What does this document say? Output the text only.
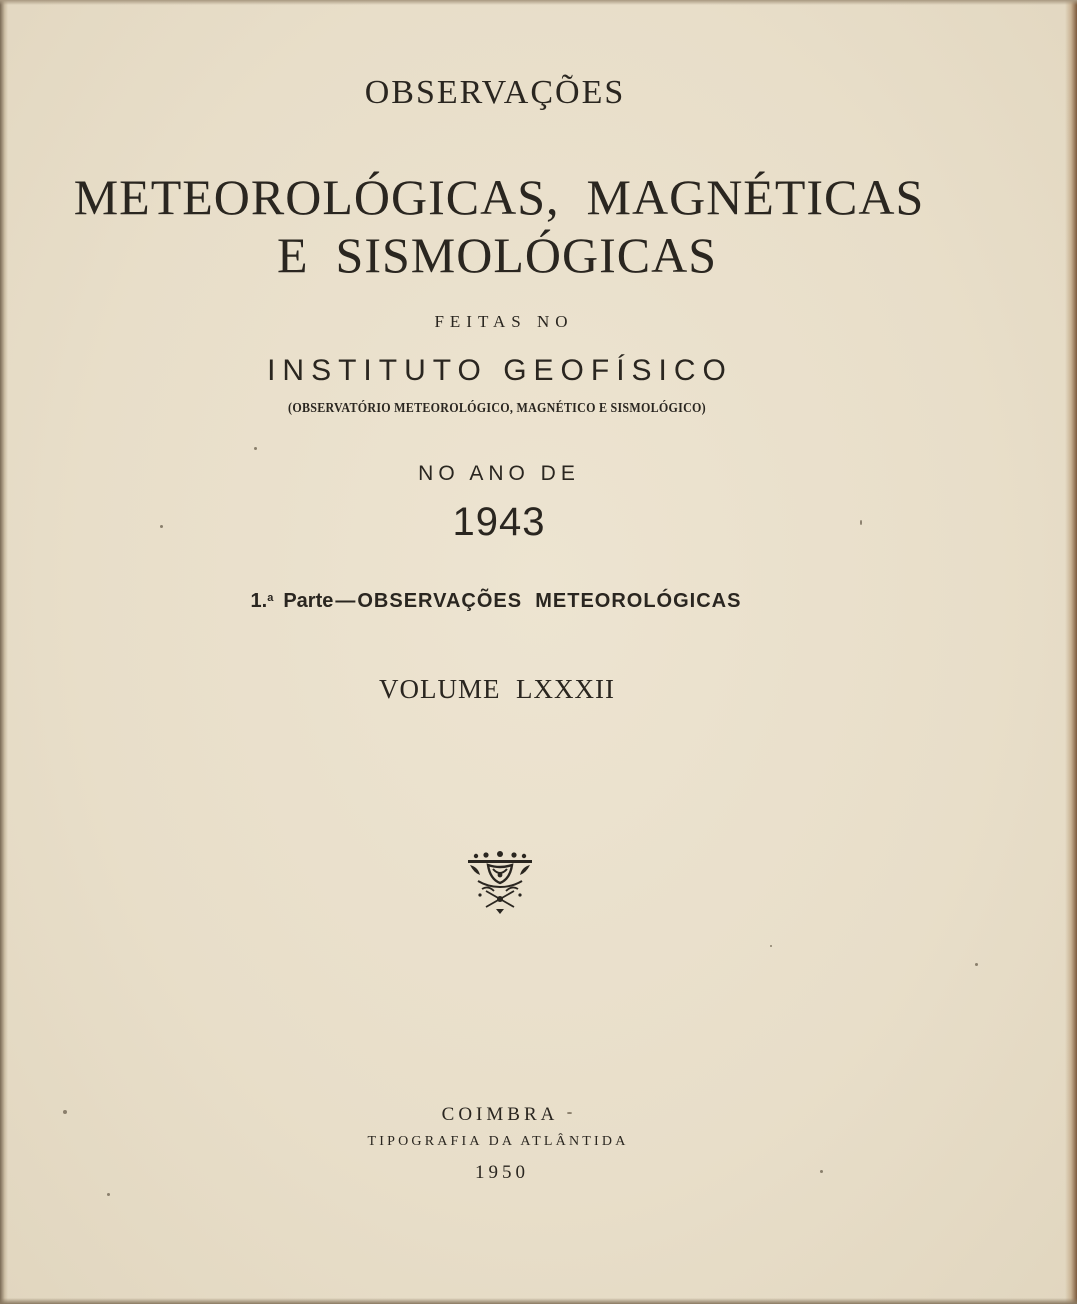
OBSERVAÇÕES
METEOROLÓGICAS,  MAGNÉTICAS
E  SISMOLÓGICAS
FEITAS NO
INSTITUTO GEOFÍSICO
(OBSERVATÓRIO METEOROLÓGICO, MAGNÉTICO E SISMOLÓGICO)
NO ANO DE
1943
1.$^a$ Parte — OBSERVAÇÕES  METEOROLÓGICAS
VOLUME  LXXXII
COIMBRA
TIPOGRAFIA DA ATLÂNTIDA
1950
